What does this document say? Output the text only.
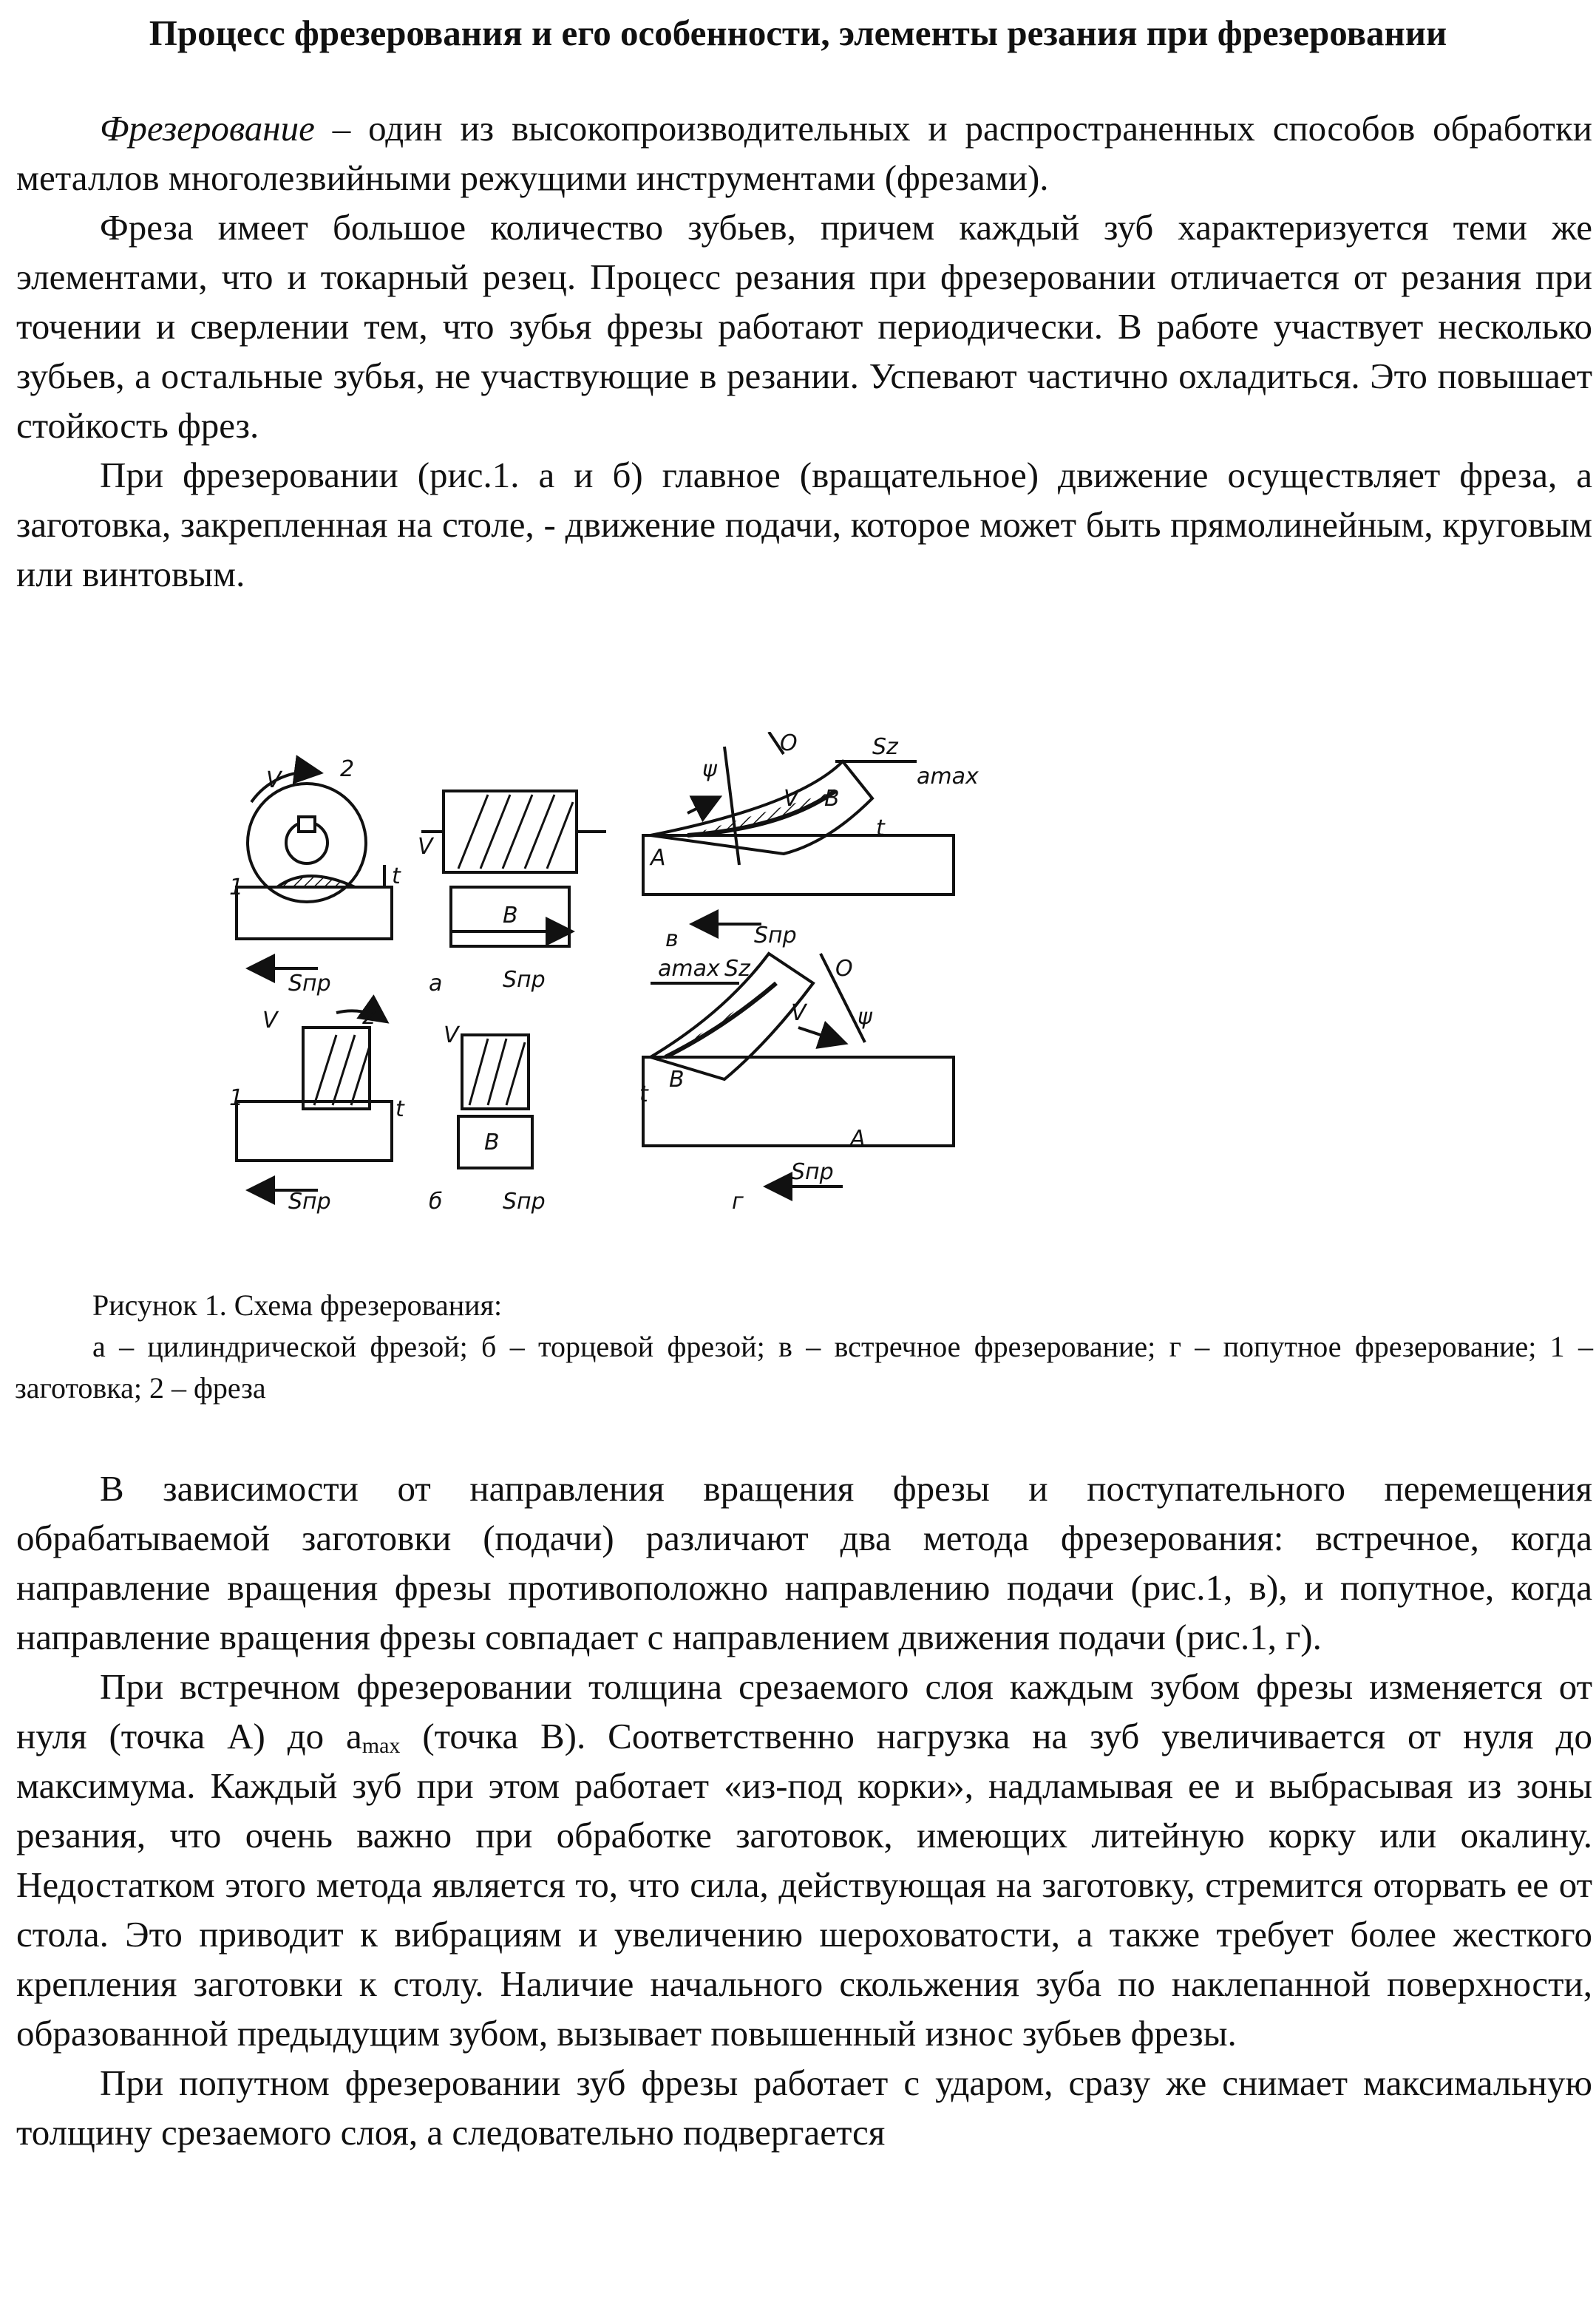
Процесс фрезерования и его особенности, элементы резания при фрезеровании

Фрезерование – один из высокопроизводительных и распространенных способов обработки металлов многолезвийными режущими инструментами (фрезами).

Фреза имеет большое количество зубьев, причем каждый зуб характеризуется теми же элементами, что и токарный резец. Процесс резания при фрезеровании отличается от резания при точении и сверлении тем, что зубья фрезы работают периодически. В работе участвует несколько зубьев, а остальные зубья, не участвующие в резании. Успевают частично охладиться. Это повышает стойкость фрез.

При фрезеровании (рис.1. а и б) главное (вращательное) движение осуществляет фреза, а заготовка, закрепленная на столе, - движение подачи, которое может быть прямолинейным, круговым или винтовым.

V	2
1	t
Sпр
B
V
Sпр
а
V	2
1	t
Sпр
B
V
Sпр
б
ψ
O	Sz
amax
V
A
B
t
Sпр
в
amax Sz	O
ψ
V
B
A
t
Sпр
г
Рисунок 1. Схема фрезерования:
а – цилиндрической фрезой; б – торцевой фрезой; в – встречное фрезерование; г – попутное фрезерование; 1 – заготовка; 2 – фреза

В зависимости от направления вращения фрезы и поступательного перемещения обрабатываемой заготовки (подачи) различают два метода фрезерования: встречное, когда направление вращения фрезы противоположно направлению подачи (рис.1, в), и попутное, когда направление вращения фрезы совпадает с направлением движения подачи (рис.1, г).

При встречном фрезеровании толщина срезаемого слоя каждым зубом фрезы изменяется от нуля (точка А) до $a_{max}$ (точка В). Соответственно нагрузка на зуб увеличивается от нуля до максимума. Каждый зуб при этом работает «из-под корки», надламывая ее и выбрасывая из зоны резания, что очень важно при обработке заготовок, имеющих литейную корку или окалину. Недостатком этого метода является то, что сила, действующая на заготовку, стремится оторвать ее от стола. Это приводит к вибрациям и увеличению шероховатости, а также требует более жесткого крепления заготовки к столу. Наличие начального скольжения зуба по наклепанной поверхности, образованной предыдущим зубом, вызывает повышенный износ зубьев фрезы.

При попутном фрезеровании зуб фрезы работает с ударом, сразу же снимает максимальную толщину срезаемого слоя, а следовательно подвергается
